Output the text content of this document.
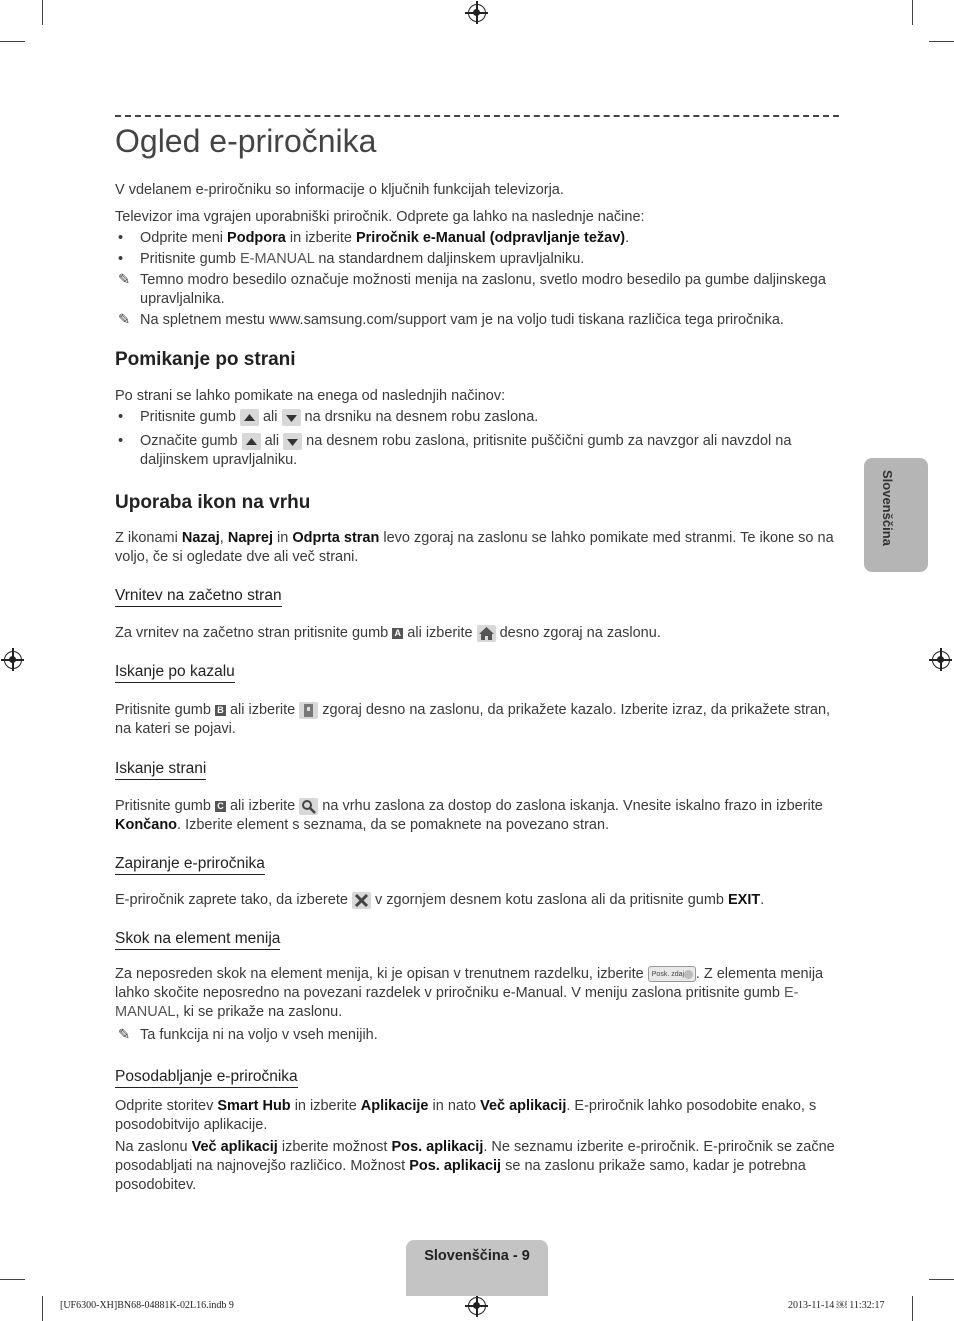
Ogled e-priročnika

V vdelanem e-priročniku so informacije o ključnih funkcijah televizorja.

Televizor ima vgrajen uporabniški priročnik. Odprete ga lahko na naslednje načine:

• Odprite meni Podpora in izberite Priročnik e-Manual (odpravljanje težav).
• Pritisnite gumb E-MANUAL na standardnem daljinskem upravljalniku.
✎ Temno modro besedilo označuje možnosti menija na zaslonu, svetlo modro besedilo pa gumbe daljinskega upravljalnika.
✎ Na spletnem mestu www.samsung.com/support vam je na voljo tudi tiskana različica tega priročnika.
Pomikanje po strani

Po strani se lahko pomikate na enega od naslednjih načinov:

• Pritisnite gumb  ali  na drsniku na desnem robu zaslona.
• Označite gumb  ali  na desnem robu zaslona, pritisnite puščični gumb za navzgor ali navzdol na daljinskem upravljalniku.
Uporaba ikon na vrhu

Z ikonami Nazaj, Naprej in Odprta stran levo zgoraj na zaslonu se lahko pomikate med stranmi. Te ikone so na voljo, če si ogledate dve ali več strani.

Vrnitev na začetno stran

Za vrnitev na začetno stran pritisnite gumb A ali izberite  desno zgoraj na zaslonu.

Iskanje po kazalu

Pritisnite gumb B ali izberite  zgoraj desno na zaslonu, da prikažete kazalo. Izberite izraz, da prikažete stran, na kateri se pojavi.

Iskanje strani

Pritisnite gumb C ali izberite  na vrhu zaslona za dostop do zaslona iskanja. Vnesite iskalno frazo in izberite Končano. Izberite element s seznama, da se pomaknete na povezano stran.

Zapiranje e-priročnika

E-priročnik zaprete tako, da izberete  v zgornjem desnem kotu zaslona ali da pritisnite gumb EXIT.

Skok na element menija

Za neposreden skok na element menija, ki je opisan v trenutnem razdelku, izberite Posk. zdaj . Z elementa menija lahko skočite neposredno na povezani razdelek v priročniku e-Manual. V meniju zaslona pritisnite gumb E-MANUAL, ki se prikaže na zaslonu.

✎ Ta funkcija ni na voljo v vseh menijih.
Posodabljanje e-priročnika

Odprite storitev Smart Hub in izberite Aplikacije in nato Več aplikacij. E-priročnik lahko posodobite enako, s posodobitvijo aplikacije.

Na zaslonu Več aplikacij izberite možnost Pos. aplikacij. Ne seznamu izberite e-priročnik. E-priročnik se začne posodabljati na najnovejšo različico. Možnost Pos. aplikacij se na zaslonu prikaže samo, kadar je potrebna posodobitev.

Slovenščina
Slovenščina - 9
[UF6300-XH]BN68-04881K-02L16.indb 9	2013-11-14 ￼ 11:32:17
